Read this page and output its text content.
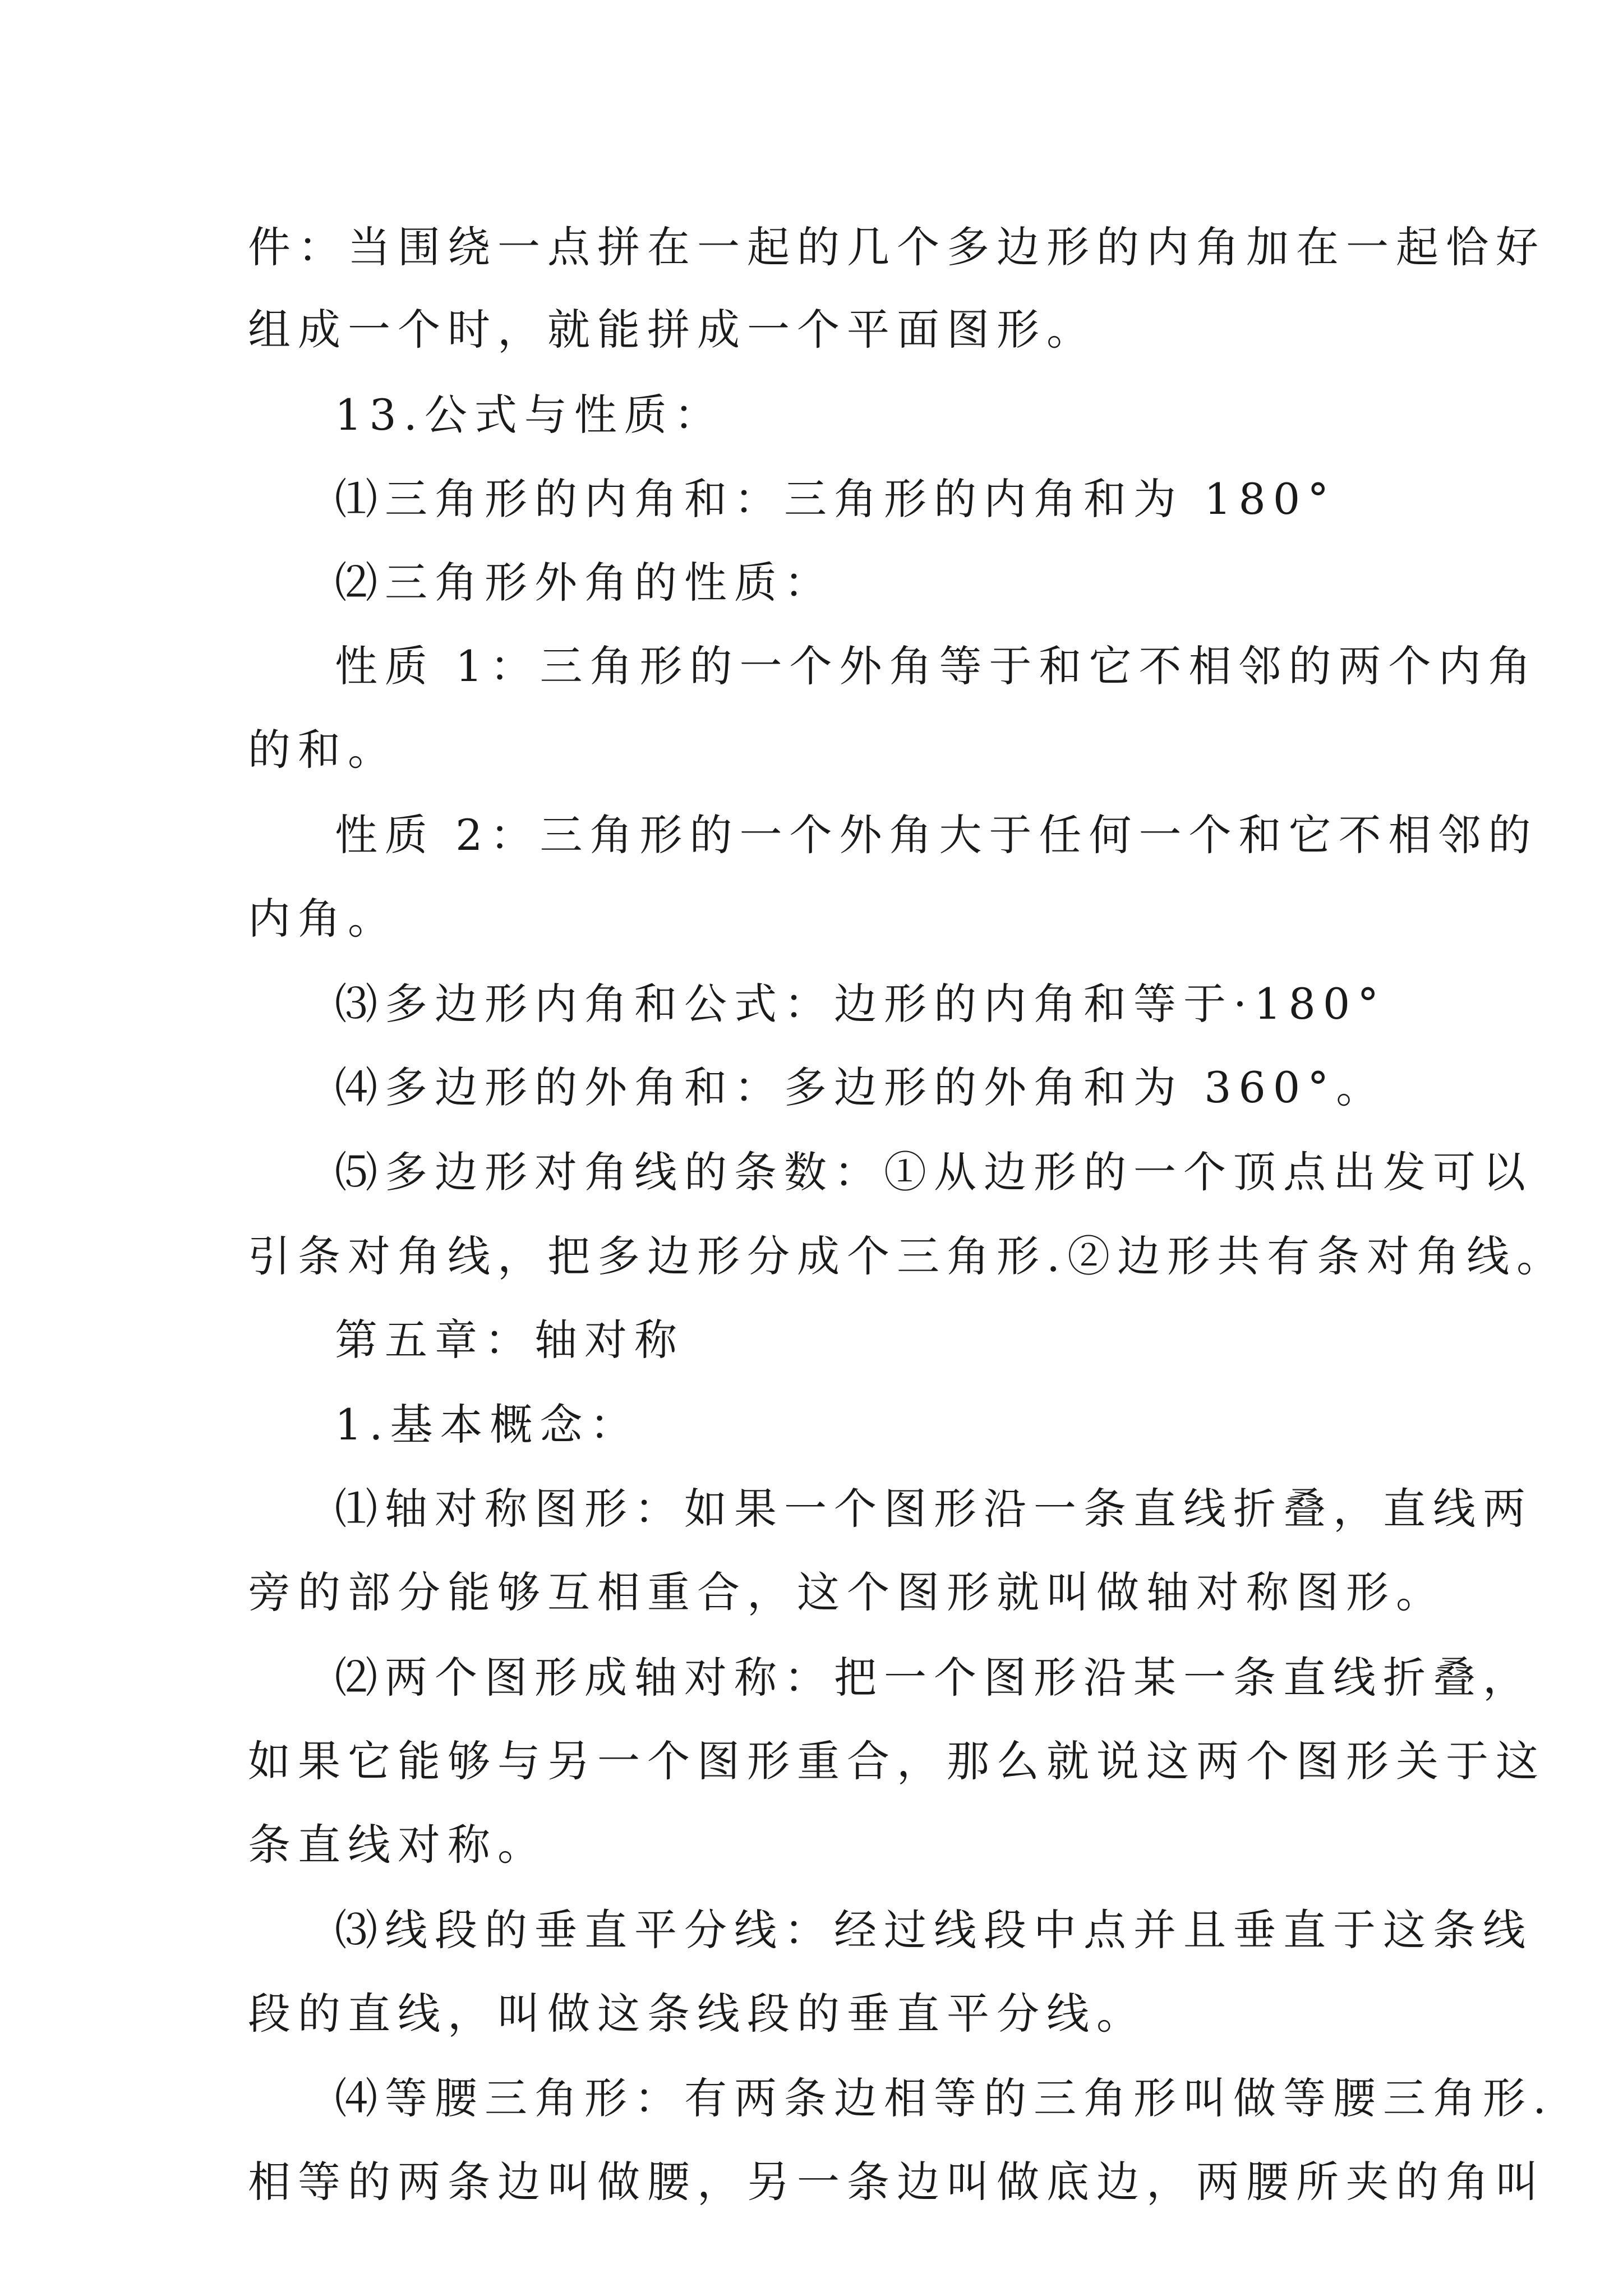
件：当围绕一点拼在一起的几个多边形的内角加在一起恰好
组成一个时，就能拼成一个平面图形。
13.公式与性质：
⑴三角形的内角和：三角形的内角和为 180°
⑵三角形外角的性质：
性质 1：三角形的一个外角等于和它不相邻的两个内角
的和。
性质 2：三角形的一个外角大于任何一个和它不相邻的
内角。
⑶多边形内角和公式：边形的内角和等于·180°
⑷多边形的外角和：多边形的外角和为 360°。
⑸多边形对角线的条数：①从边形的一个顶点出发可以
引条对角线，把多边形分成个三角形.②边形共有条对角线。
第五章：轴对称
1.基本概念：
⑴轴对称图形：如果一个图形沿一条直线折叠，直线两
旁的部分能够互相重合，这个图形就叫做轴对称图形。
⑵两个图形成轴对称：把一个图形沿某一条直线折叠，
如果它能够与另一个图形重合，那么就说这两个图形关于这
条直线对称。
⑶线段的垂直平分线：经过线段中点并且垂直于这条线
段的直线，叫做这条线段的垂直平分线。
⑷等腰三角形：有两条边相等的三角形叫做等腰三角形.
相等的两条边叫做腰，另一条边叫做底边，两腰所夹的角叫
